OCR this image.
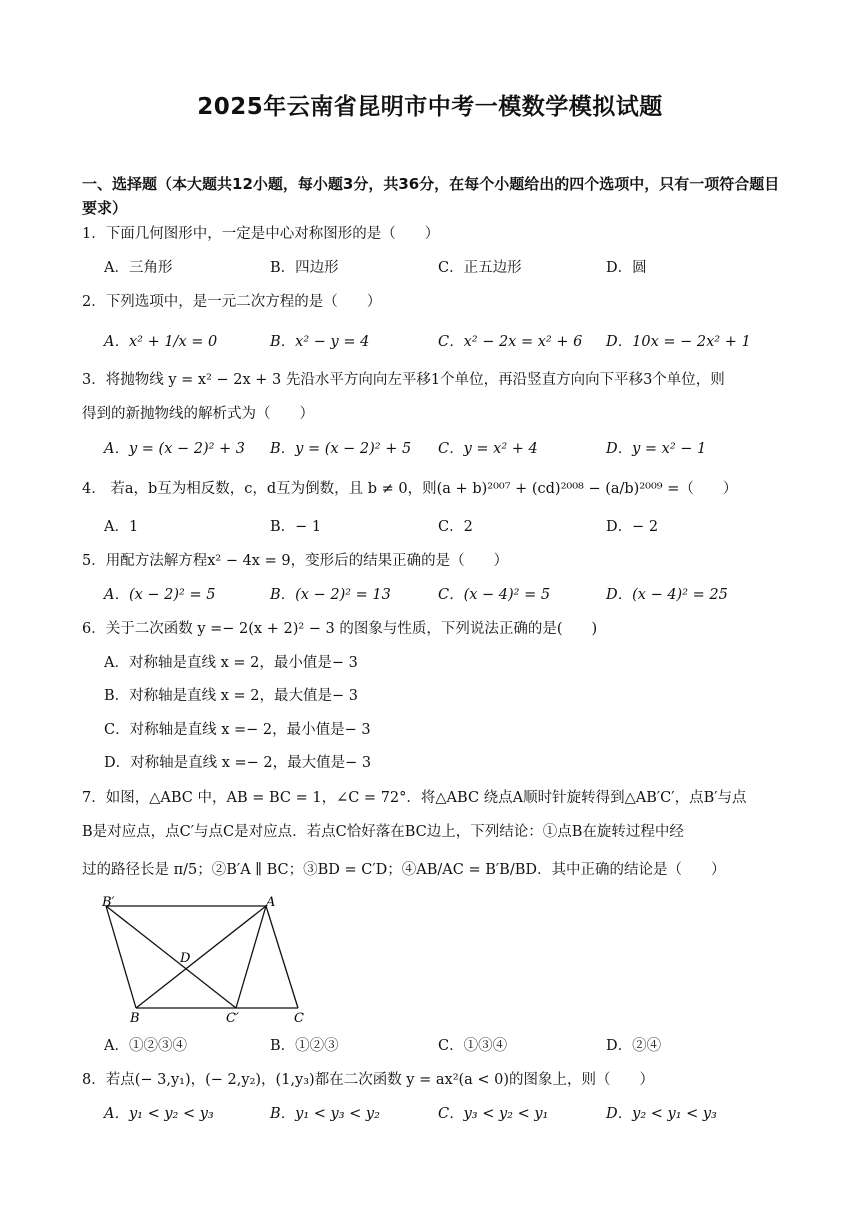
2025年云南省昆明市中考一模数学模拟试题
一、选择题（本大题共12小题，每小题3分，共36分，在每个小题给出的四个选项中，只有一项符合题目要求）
1．下面几何图形中，一定是中心对称图形的是（　　）
A．三角形	B．四边形	C．正五边形	D．圆
2．下列选项中，是一元二次方程的是（　　）
A．x² + 1/x = 0	B．x² − y = 4	C．x² − 2x = x² + 6 D．10x = − 2x² + 1
3．将抛物线 y = x² − 2x + 3 先沿水平方向向左平移1个单位，再沿竖直方向向下平移3个单位，则
得到的新抛物线的解析式为（　　）
A．y = (x − 2)² + 3 B．y = (x − 2)² + 5 C．y = x² + 4	D．y = x² − 1
4． 若a，b互为相反数，c，d互为倒数，且 b ≠ 0，则(a + b)²⁰⁰⁷ + (cd)²⁰⁰⁸ − (a/b)²⁰⁰⁹ =（　　）
A．1	B．− 1	C．2	D．− 2
5．用配方法解方程x² − 4x = 9，变形后的结果正确的是（　　）
A．(x − 2)² = 5	B．(x − 2)² = 13	C．(x − 4)² = 5	D．(x − 4)² = 25
6．关于二次函数 y =− 2(x + 2)² − 3 的图象与性质，下列说法正确的是(　　)
A．对称轴是直线 x = 2，最小值是− 3
B．对称轴是直线 x = 2，最大值是− 3
C．对称轴是直线 x =− 2，最小值是− 3
D．对称轴是直线 x =− 2，最大值是− 3
7．如图，△ABC 中，AB = BC = 1，∠C = 72°．将△ABC 绕点A顺时针旋转得到△AB′C′，点B′与点
B是对应点，点C′与点C是对应点．若点C恰好落在BC边上，下列结论：①点B在旋转过程中经
过的路径长是 π/5；②B′A ∥ BC；③BD = C′D；④AB/AC = B′B/BD．其中正确的结论是（　　）
B′	A
D
B	C′	C
A．①②③④	B．①②③	C．①③④	D．②④
8．若点(− 3,y₁)，(− 2,y₂)，(1,y₃)都在二次函数 y = ax²(a < 0)的图象上，则（　　）
A．y₁ < y₂ < y₃	B．y₁ < y₃ < y₂	C．y₃ < y₂ < y₁	D．y₂ < y₁ < y₃
